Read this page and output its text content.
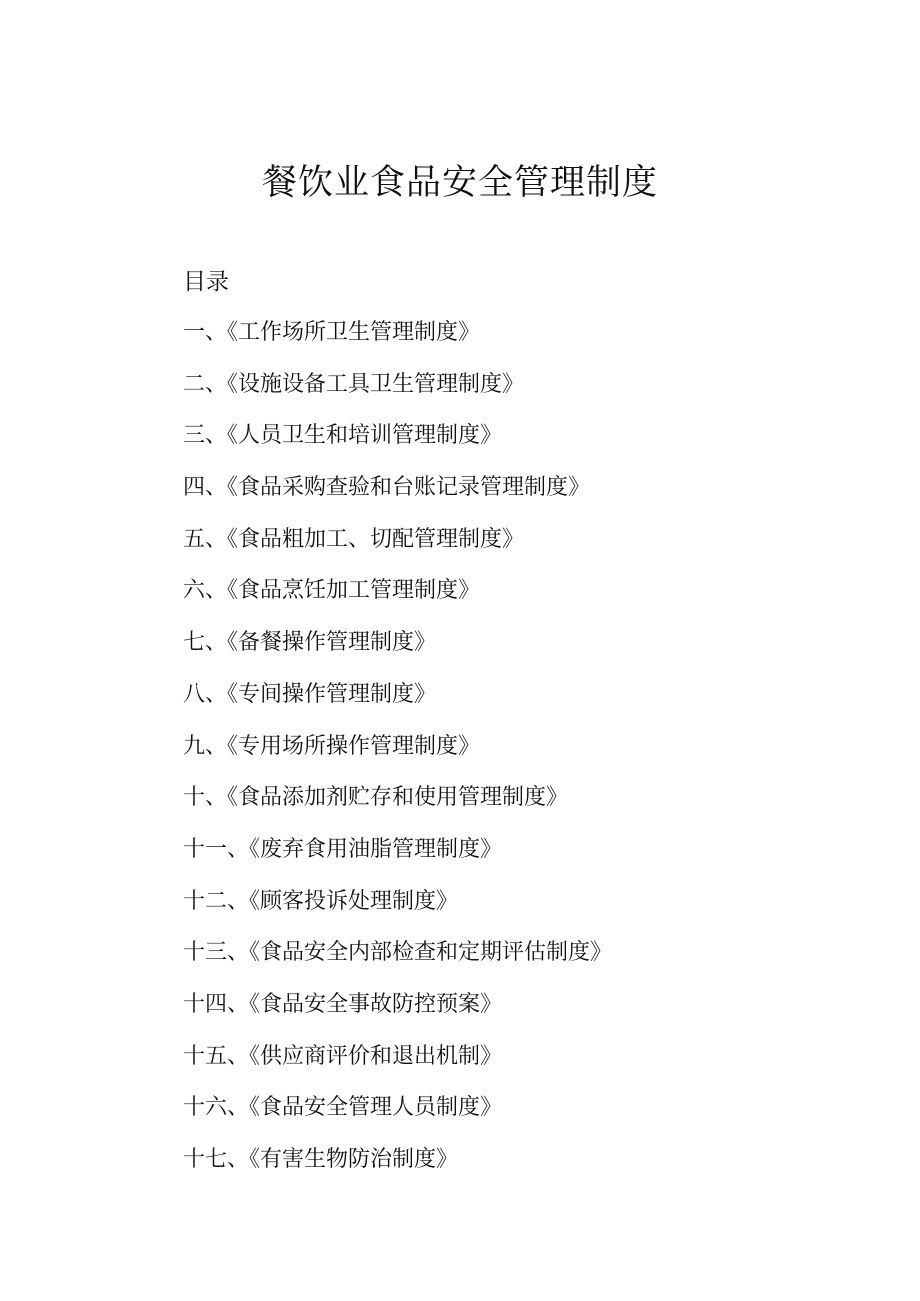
餐饮业食品安全管理制度
目录
一、《工作场所卫生管理制度》
二、《设施设备工具卫生管理制度》
三、《人员卫生和培训管理制度》
四、《食品采购查验和台账记录管理制度》
五、《食品粗加工、切配管理制度》
六、《食品烹饪加工管理制度》
七、《备餐操作管理制度》
八、《专间操作管理制度》
九、《专用场所操作管理制度》
十、《食品添加剂贮存和使用管理制度》
十一、《废弃食用油脂管理制度》
十二、《顾客投诉处理制度》
十三、《食品安全内部检查和定期评估制度》
十四、《食品安全事故防控预案》
十五、《供应商评价和退出机制》
十六、《食品安全管理人员制度》
十七、《有害生物防治制度》
